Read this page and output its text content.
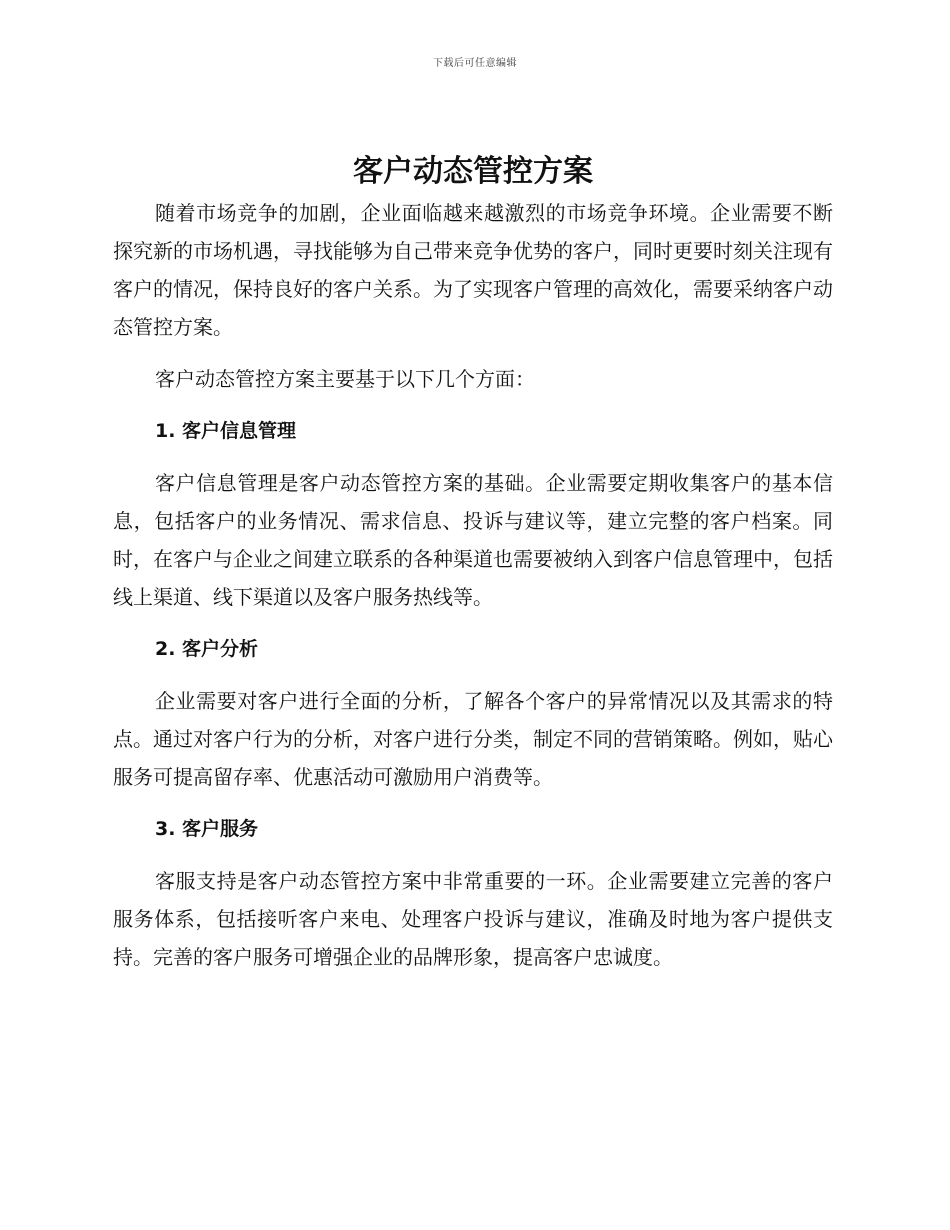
下载后可任意编辑
客户动态管控方案

随着市场竞争的加剧，企业面临越来越激烈的市场竞争环境。企业需要不断探究新的市场机遇，寻找能够为自己带来竞争优势的客户，同时更要时刻关注现有客户的情况，保持良好的客户关系。为了实现客户管理的高效化，需要采纳客户动态管控方案。

客户动态管控方案主要基于以下几个方面：

1. 客户信息管理

客户信息管理是客户动态管控方案的基础。企业需要定期收集客户的基本信息，包括客户的业务情况、需求信息、投诉与建议等，建立完整的客户档案。同时，在客户与企业之间建立联系的各种渠道也需要被纳入到客户信息管理中，包括线上渠道、线下渠道以及客户服务热线等。

2. 客户分析

企业需要对客户进行全面的分析，了解各个客户的异常情况以及其需求的特点。通过对客户行为的分析，对客户进行分类，制定不同的营销策略。例如，贴心服务可提高留存率、优惠活动可激励用户消费等。

3. 客户服务

客服支持是客户动态管控方案中非常重要的一环。企业需要建立完善的客户服务体系，包括接听客户来电、处理客户投诉与建议，准确及时地为客户提供支持。完善的客户服务可增强企业的品牌形象，提高客户忠诚度。
